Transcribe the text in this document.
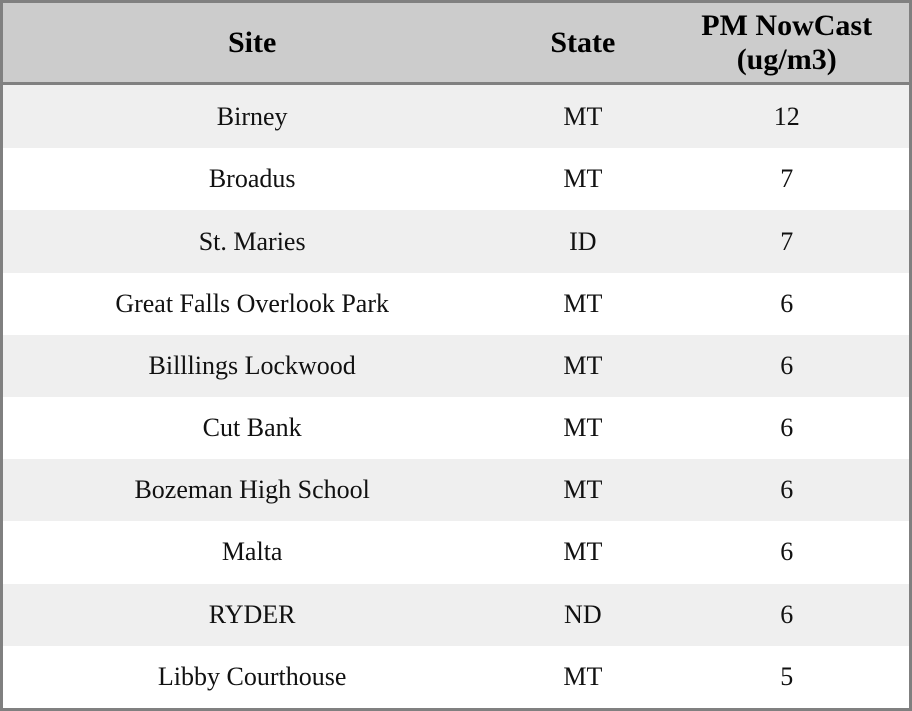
Site	State	PM NowCast (ug/m3)
Birney	MT	12
Broadus	MT	7
St. Maries	ID	7
Great Falls Overlook Park	MT	6
Billlings Lockwood	MT	6
Cut Bank	MT	6
Bozeman High School	MT	6
Malta	MT	6
RYDER	ND	6
Libby Courthouse	MT	5
